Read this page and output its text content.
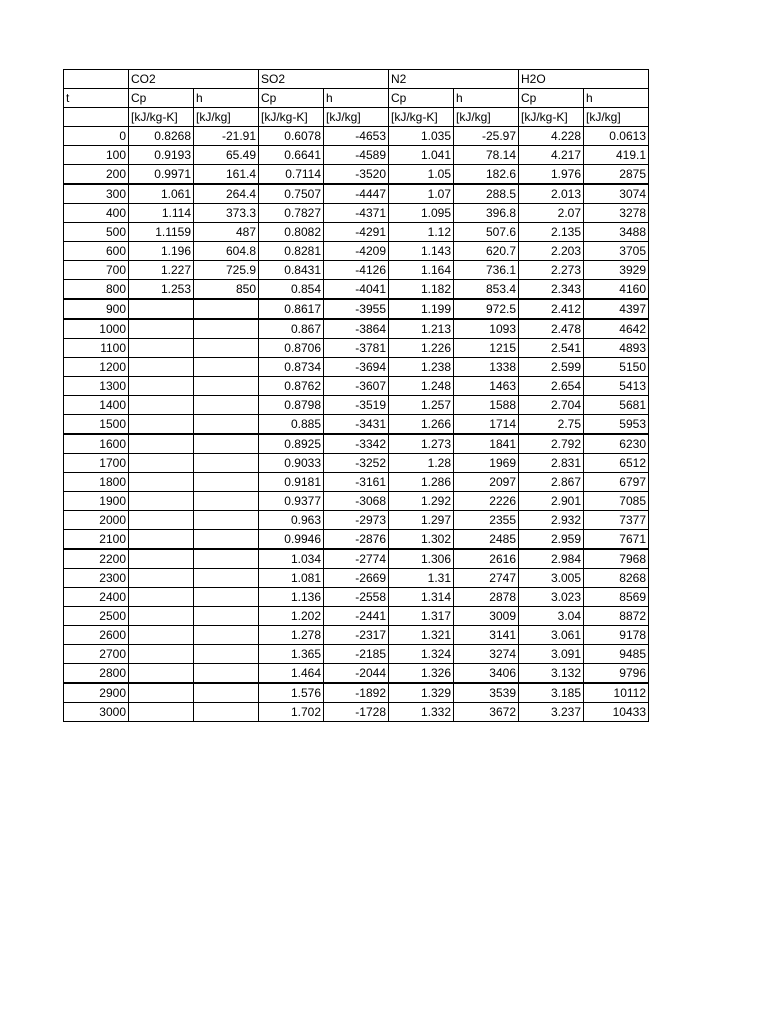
	CO2		SO2		N2		H2O	
t	Cp	h	Cp	h	Cp	h	Cp	h
	[kJ/kg-K]	[kJ/kg]	[kJ/kg-K]	[kJ/kg]	[kJ/kg-K]	[kJ/kg]	[kJ/kg-K]	[kJ/kg]
0	0.8268	-21.91	0.6078	-4653	1.035	-25.97	4.228	0.0613
100	0.9193	65.49	0.6641	-4589	1.041	78.14	4.217	419.1
200	0.9971	161.4	0.7114	-3520	1.05	182.6	1.976	2875
300	1.061	264.4	0.7507	-4447	1.07	288.5	2.013	3074
400	1.114	373.3	0.7827	-4371	1.095	396.8	2.07	3278
500	1.1159	487	0.8082	-4291	1.12	507.6	2.135	3488
600	1.196	604.8	0.8281	-4209	1.143	620.7	2.203	3705
700	1.227	725.9	0.8431	-4126	1.164	736.1	2.273	3929
800	1.253	850	0.854	-4041	1.182	853.4	2.343	4160
900			0.8617	-3955	1.199	972.5	2.412	4397
1000			0.867	-3864	1.213	1093	2.478	4642
1100			0.8706	-3781	1.226	1215	2.541	4893
1200			0.8734	-3694	1.238	1338	2.599	5150
1300			0.8762	-3607	1.248	1463	2.654	5413
1400			0.8798	-3519	1.257	1588	2.704	5681
1500			0.885	-3431	1.266	1714	2.75	5953
1600			0.8925	-3342	1.273	1841	2.792	6230
1700			0.9033	-3252	1.28	1969	2.831	6512
1800			0.9181	-3161	1.286	2097	2.867	6797
1900			0.9377	-3068	1.292	2226	2.901	7085
2000			0.963	-2973	1.297	2355	2.932	7377
2100			0.9946	-2876	1.302	2485	2.959	7671
2200			1.034	-2774	1.306	2616	2.984	7968
2300			1.081	-2669	1.31	2747	3.005	8268
2400			1.136	-2558	1.314	2878	3.023	8569
2500			1.202	-2441	1.317	3009	3.04	8872
2600			1.278	-2317	1.321	3141	3.061	9178
2700			1.365	-2185	1.324	3274	3.091	9485
2800			1.464	-2044	1.326	3406	3.132	9796
2900			1.576	-1892	1.329	3539	3.185	10112
3000			1.702	-1728	1.332	3672	3.237	10433
